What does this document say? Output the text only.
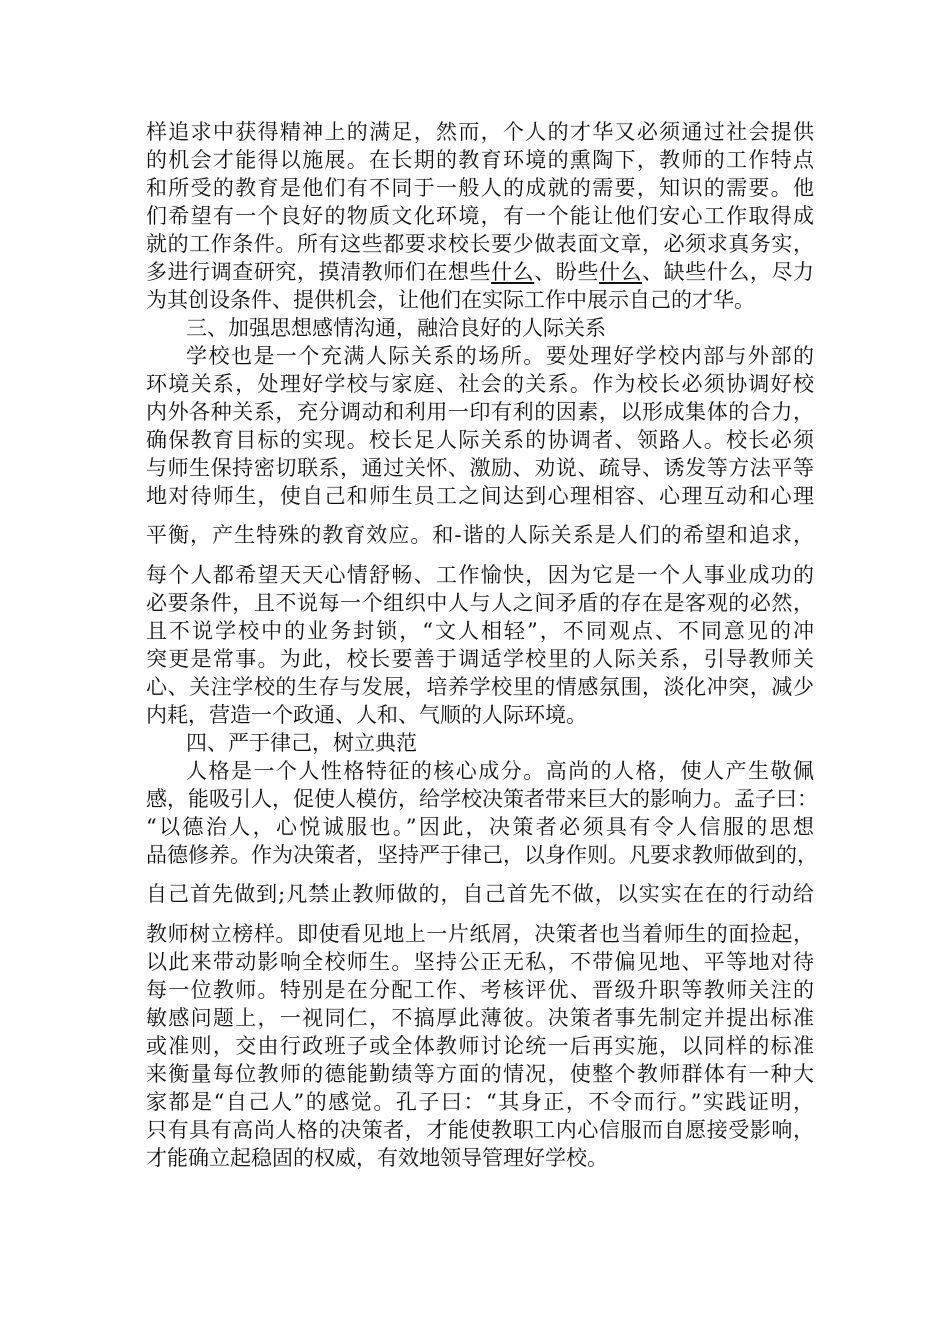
样追求中获得精神上的满足，然而，个人的才华又必须通过社会提供
的机会才能得以施展。在长期的教育环境的熏陶下，教师的工作特点
和所受的教育是他们有不同于一般人的成就的需要，知识的需要。他
们希望有一个良好的物质文化环境，有一个能让他们安心工作取得成
就的工作条件。所有这些都要求校长要少做表面文章，必须求真务实，
多进行调查研究，摸清教师们在想些什么、盼些什么、缺些什么，尽力
为其创设条件、提供机会，让他们在实际工作中展示自己的才华。
三、加强思想感情沟通，融洽良好的人际关系
学校也是一个充满人际关系的场所。要处理好学校内部与外部的
环境关系，处理好学校与家庭、社会的关系。作为校长必须协调好校
内外各种关系，充分调动和利用一印有利的因素，以形成集体的合力，
确保教育目标的实现。校长足人际关系的协调者、领路人。校长必须
与师生保持密切联系，通过关怀、激励、劝说、疏导、诱发等方法平等
地对待师生，使自己和师生员工之间达到心理相容、心理互动和心理
平衡，产生特殊的教育效应。和-谐的人际关系是人们的希望和追求，
每个人都希望天天心情舒畅、工作愉快，因为它是一个人事业成功的
必要条件，且不说每一个组织中人与人之间矛盾的存在是客观的必然，
且不说学校中的业务封锁，“文人相轻”，不同观点、不同意见的冲
突更是常事。为此，校长要善于调适学校里的人际关系，引导教师关
心、关注学校的生存与发展，培养学校里的情感氛围，淡化冲突，减少
内耗，营造一个政通、人和、气顺的人际环境。
四、严于律己，树立典范
人格是一个人性格特征的核心成分。高尚的人格，使人产生敬佩
感，能吸引人，促使人模仿，给学校决策者带来巨大的影响力。孟子曰：
“以德治人，心悦诚服也。”因此，决策者必须具有令人信服的思想
品德修养。作为决策者，坚持严于律己，以身作则。凡要求教师做到的，
自己首先做到;凡禁止教师做的，自己首先不做，以实实在在的行动给
教师树立榜样。即使看见地上一片纸屑，决策者也当着师生的面捡起，
以此来带动影响全校师生。坚持公正无私，不带偏见地、平等地对待
每一位教师。特别是在分配工作、考核评优、晋级升职等教师关注的
敏感问题上，一视同仁，不搞厚此薄彼。决策者事先制定并提出标准
或准则，交由行政班子或全体教师讨论统一后再实施，以同样的标准
来衡量每位教师的德能勤绩等方面的情况，使整个教师群体有一种大
家都是“自己人”的感觉。孔子曰：“其身正，不令而行。”实践证明，
只有具有高尚人格的决策者，才能使教职工内心信服而自愿接受影响，
才能确立起稳固的权威，有效地领导管理好学校。
